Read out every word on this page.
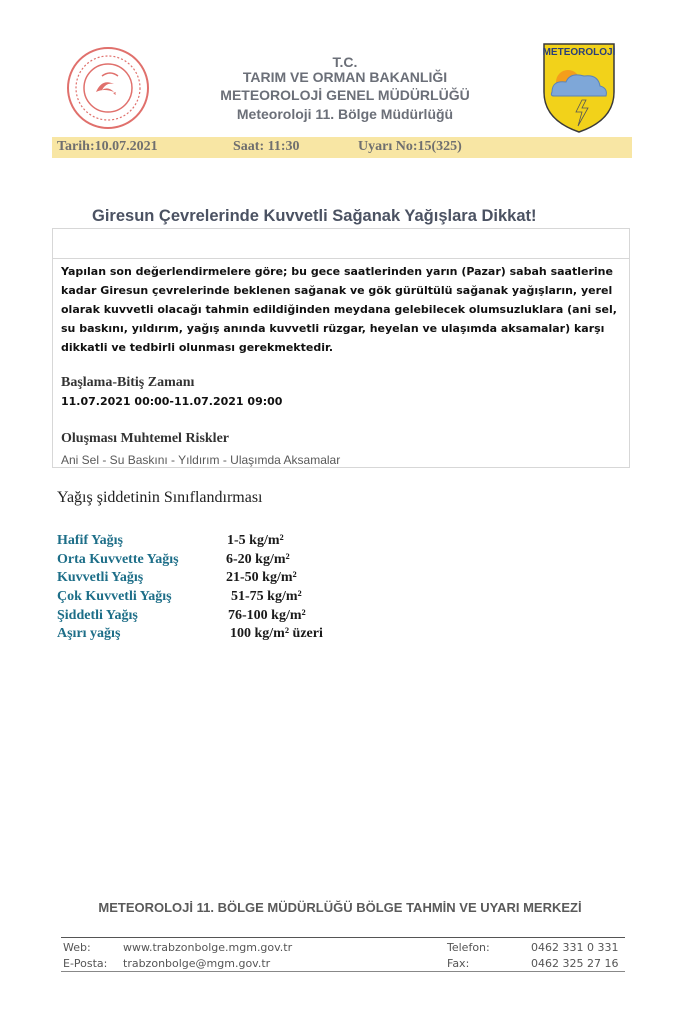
METEOROLOJİ
T.C.
TARIM VE ORMAN BAKANLIĞI
METEOROLOJİ GENEL MÜDÜRLÜĞÜ
Meteoroloji 11. Bölge Müdürlüğü
Tarih:10.07.2021	Saat: 11:30	Uyarı No:15(325)
Giresun Çevrelerinde Kuvvetli Sağanak Yağışlara Dikkat!
Yapılan son değerlendirmelere göre; bu gece saatlerinden yarın (Pazar) sabah saatlerine
kadar Giresun çevrelerinde beklenen sağanak ve gök gürültülü sağanak yağışların, yerel
olarak kuvvetli olacağı tahmin edildiğinden meydana gelebilecek olumsuzluklara (ani sel,
su baskını, yıldırım, yağış anında kuvvetli rüzgar, heyelan ve ulaşımda aksamalar) karşı
dikkatli ve tedbirli olunması gerekmektedir.
Başlama-Bitiş Zamanı
11.07.2021 00:00-11.07.2021 09:00
Oluşması Muhtemel Riskler
Ani Sel - Su Baskını - Yıldırım - Ulaşımda Aksamalar
Yağış şiddetinin Sınıflandırması
Hafif Yağış	1-5 kg/m²
Orta Kuvvette Yağış	6-20 kg/m²
Kuvvetli Yağış	21-50 kg/m²
Çok Kuvvetli Yağış	51-75 kg/m²
Şiddetli Yağış	76-100 kg/m²
Aşırı yağış	100 kg/m² üzeri
METEOROLOJİ 11. BÖLGE MÜDÜRLÜĞÜ BÖLGE TAHMİN VE UYARI MERKEZİ
Web:	www.trabzonbolge.mgm.gov.tr	Telefon:	0462 331 0 331
E-Posta: trabzonbolge@mgm.gov.tr	Fax:	0462 325 27 16
